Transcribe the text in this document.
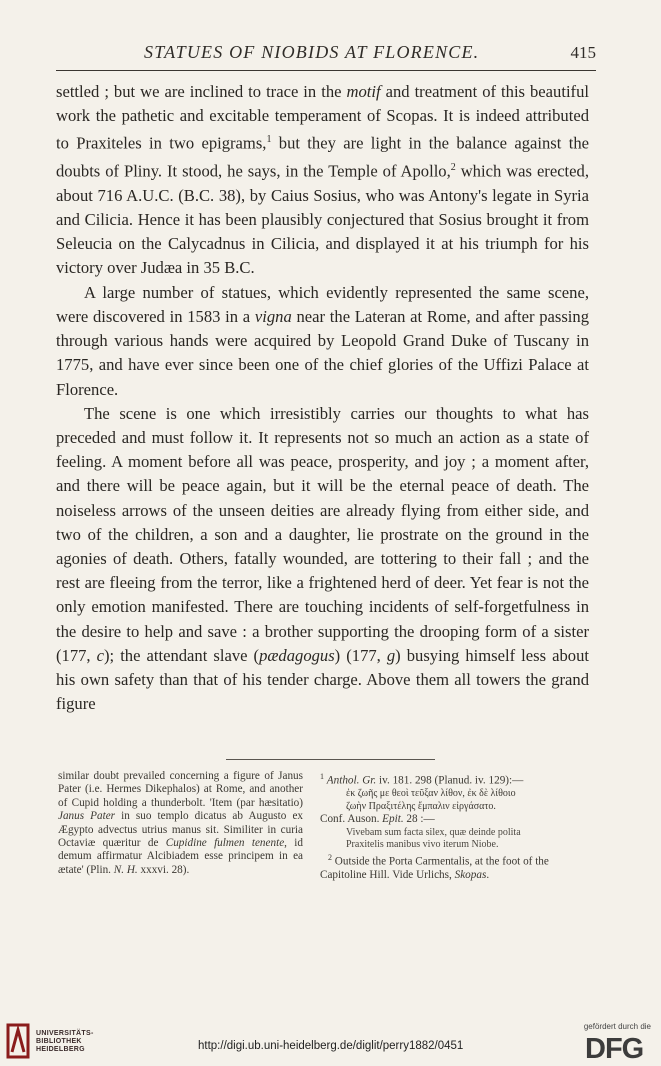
STATUES OF NIOBIDS AT FLORENCE.	415

settled ; but we are inclined to trace in the motif and treatment of this beautiful work the pathetic and excitable temperament of Scopas. It is indeed attributed to Praxiteles in two epigrams,$^1$ but they are light in the balance against the doubts of Pliny. It stood, he says, in the Temple of Apollo,$^2$ which was erected, about 716 A.U.C. (B.C. 38), by Caius Sosius, who was Antony's legate in Syria and Cilicia. Hence it has been plausibly conjectured that Sosius brought it from Seleucia on the Calycadnus in Cilicia, and displayed it at his triumph for his victory over Judæa in 35 B.C.

A large number of statues, which evidently represented the same scene, were discovered in 1583 in a vigna near the Lateran at Rome, and after passing through various hands were acquired by Leopold Grand Duke of Tuscany in 1775, and have ever since been one of the chief glories of the Uffizi Palace at Florence.

The scene is one which irresistibly carries our thoughts to what has preceded and must follow it. It represents not so much an action as a state of feeling. A moment before all was peace, prosperity, and joy ; a moment after, and there will be peace again, but it will be the eternal peace of death. The noiseless arrows of the unseen deities are already flying from either side, and two of the children, a son and a daughter, lie prostrate on the ground in the agonies of death. Others, fatally wounded, are tottering to their fall ; and the rest are fleeing from the terror, like a frightened herd of deer. Yet fear is not the only emotion manifested. There are touching incidents of self-forgetfulness in the desire to help and save : a brother supporting the drooping form of a sister (177, c); the attendant slave (pædagogus) (177, g) busying himself less about his own safety than that of his tender charge. Above them all towers the grand figure

similar doubt prevailed concerning a figure of Janus Pater (i.e. Hermes Dikephalos) at Rome, and another of Cupid holding a thunderbolt. 'Item (par hæsitatio) Janus Pater in suo templo dicatus ab Augusto ex Ægypto advectus utrius manus sit. Similiter in curia Octaviæ quæritur de Cupidine fulmen tenente, id demum affirmatur Alcibiadem esse principem in ea ætate' (Plin. N. H. xxxvi. 28).

$^1$ Anthol. Gr. iv. 181. 298 (Planud. iv. 129):—

ἐκ ζωῆς με θεοὶ τεῦξαν λίθον, ἐκ δὲ λίθοιο

ζωὴν Πραξιτέλης ἔμπαλιν εἰργάσατο.

Conf. Auson. Epit. 28 :—

Vivebam sum facta silex, quæ deinde polita

Praxitelis manibus vivo iterum Niobe.

$^2$ Outside the Porta Carmentalis, at the foot of the Capitoline Hill. Vide Urlichs, Skopas.

UNIVERSITÄTS-
BIBLIOTHEK
HEIDELBERG	http://digi.ub.uni-heidelberg.de/diglit/perry1882/0451
gefördert durch die
DFG
